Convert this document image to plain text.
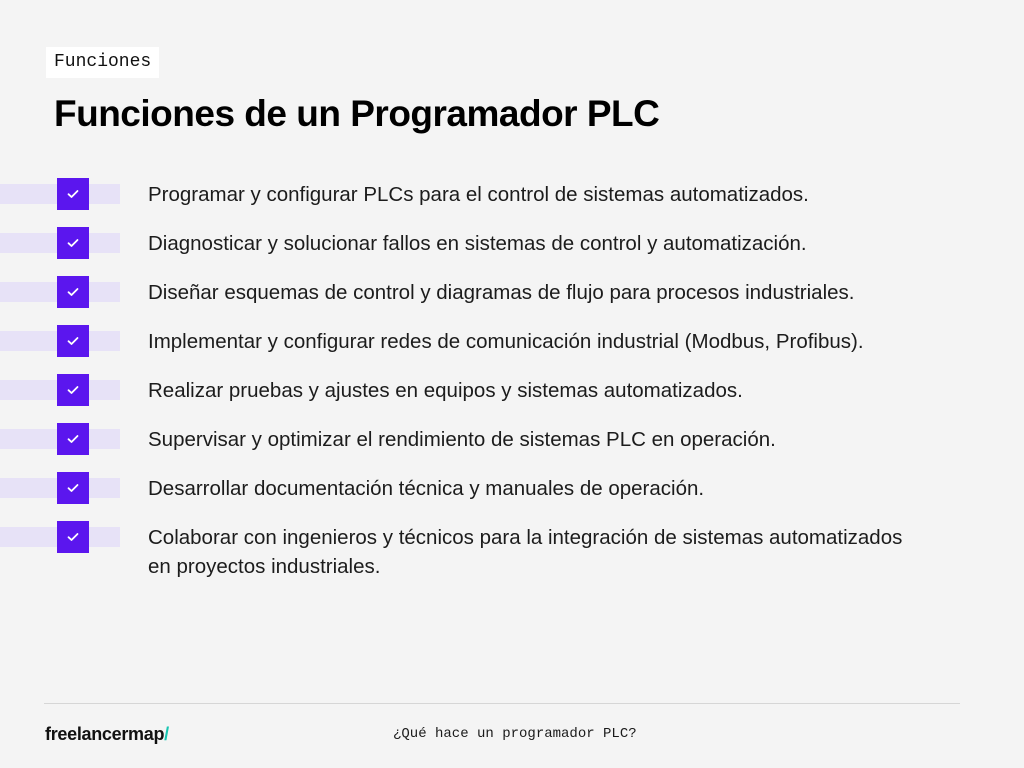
Funciones
Funciones de un Programador PLC
Programar y configurar PLCs para el control de sistemas automatizados.
Diagnosticar y solucionar fallos en sistemas de control y automatización.
Diseñar esquemas de control y diagramas de flujo para procesos industriales.
Implementar y configurar redes de comunicación industrial (Modbus, Profibus).
Realizar pruebas y ajustes en equipos y sistemas automatizados.
Supervisar y optimizar el rendimiento de sistemas PLC en operación.
Desarrollar documentación técnica y manuales de operación.
Colaborar con ingenieros y técnicos para la integración de sistemas automatizados en proyectos industriales.
freelancermap/	¿Qué hace un programador PLC?
